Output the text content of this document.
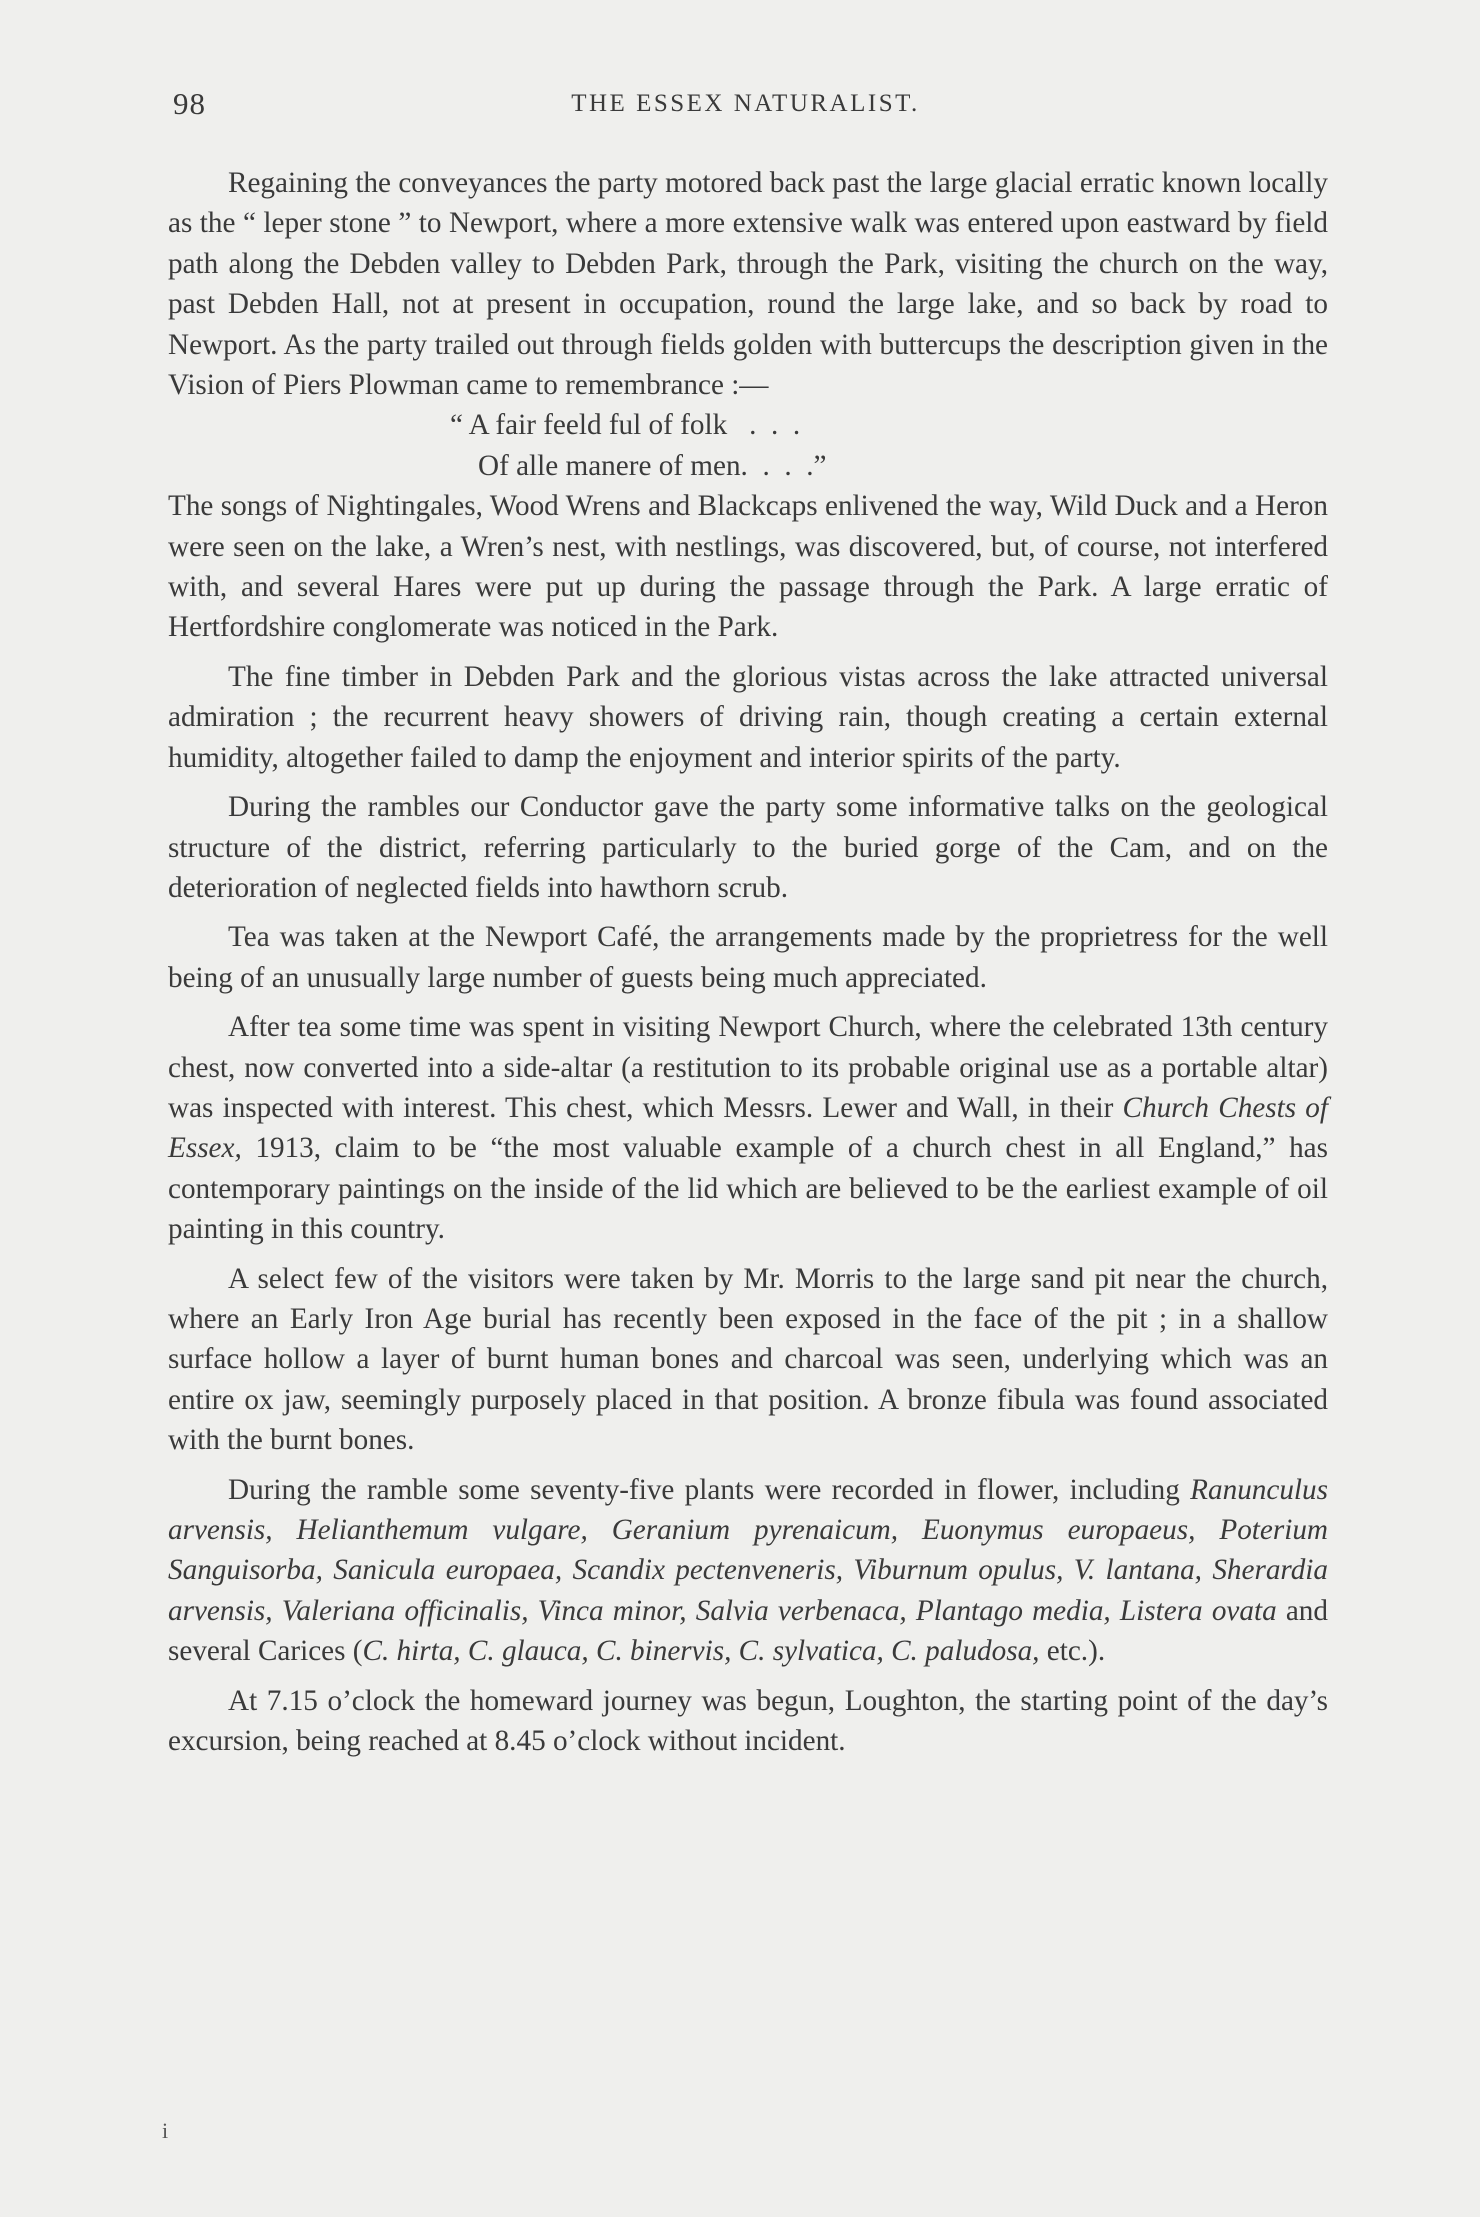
98	THE ESSEX NATURALIST.

Regaining the conveyances the party motored back past the large glacial erratic known locally as the “ leper stone ” to Newport, where a more extensive walk was entered upon eastward by field path along the Debden valley to Debden Park, through the Park, visiting the church on the way, past Debden Hall, not at present in occupation, round the large lake, and so back by road to Newport. As the party trailed out through fields golden with buttercups the description given in the Vision of Piers Plowman came to remembrance :—

“ A fair feeld ful of folk   .  .  .
Of alle manere of men.  .  .  .”

The songs of Nightingales, Wood Wrens and Blackcaps enlivened the way, Wild Duck and a Heron were seen on the lake, a Wren’s nest, with nestlings, was discovered, but, of course, not interfered with, and several Hares were put up during the passage through the Park. A large erratic of Hertfordshire conglomerate was noticed in the Park.

The fine timber in Debden Park and the glorious vistas across the lake attracted universal admiration ; the recurrent heavy showers of driving rain, though creating a certain external humidity, altogether failed to damp the enjoyment and interior spirits of the party.

During the rambles our Conductor gave the party some informative talks on the geological structure of the district, referring particularly to the buried gorge of the Cam, and on the deterioration of neglected fields into hawthorn scrub.

Tea was taken at the Newport Café, the arrangements made by the proprietress for the well being of an unusually large number of guests being much appreciated.

After tea some time was spent in visiting Newport Church, where the celebrated 13th century chest, now converted into a side-altar (a restitution to its probable original use as a portable altar) was inspected with interest. This chest, which Messrs. Lewer and Wall, in their Church Chests of Essex, 1913, claim to be “the most valuable example of a church chest in all England,” has contemporary paintings on the inside of the lid which are believed to be the earliest example of oil painting in this country.

A select few of the visitors were taken by Mr. Morris to the large sand pit near the church, where an Early Iron Age burial has recently been exposed in the face of the pit ; in a shallow surface hollow a layer of burnt human bones and charcoal was seen, underlying which was an entire ox jaw, seemingly purposely placed in that position. A bronze fibula was found associated with the burnt bones.

During the ramble some seventy-five plants were recorded in flower, including Ranunculus arvensis, Helianthemum vulgare, Geranium pyrenaicum, Euonymus europaeus, Poterium Sanguisorba, Sanicula europaea, Scandix pectenveneris, Viburnum opulus, V. lantana, Sherardia arvensis, Valeriana officinalis, Vinca minor, Salvia verbenaca, Plantago media, Listera ovata and several Carices (C. hirta, C. glauca, C. binervis, C. sylvatica, C. paludosa, etc.).

At 7.15 o’clock the homeward journey was begun, Loughton, the starting point of the day’s excursion, being reached at 8.45 o’clock without incident.

i
